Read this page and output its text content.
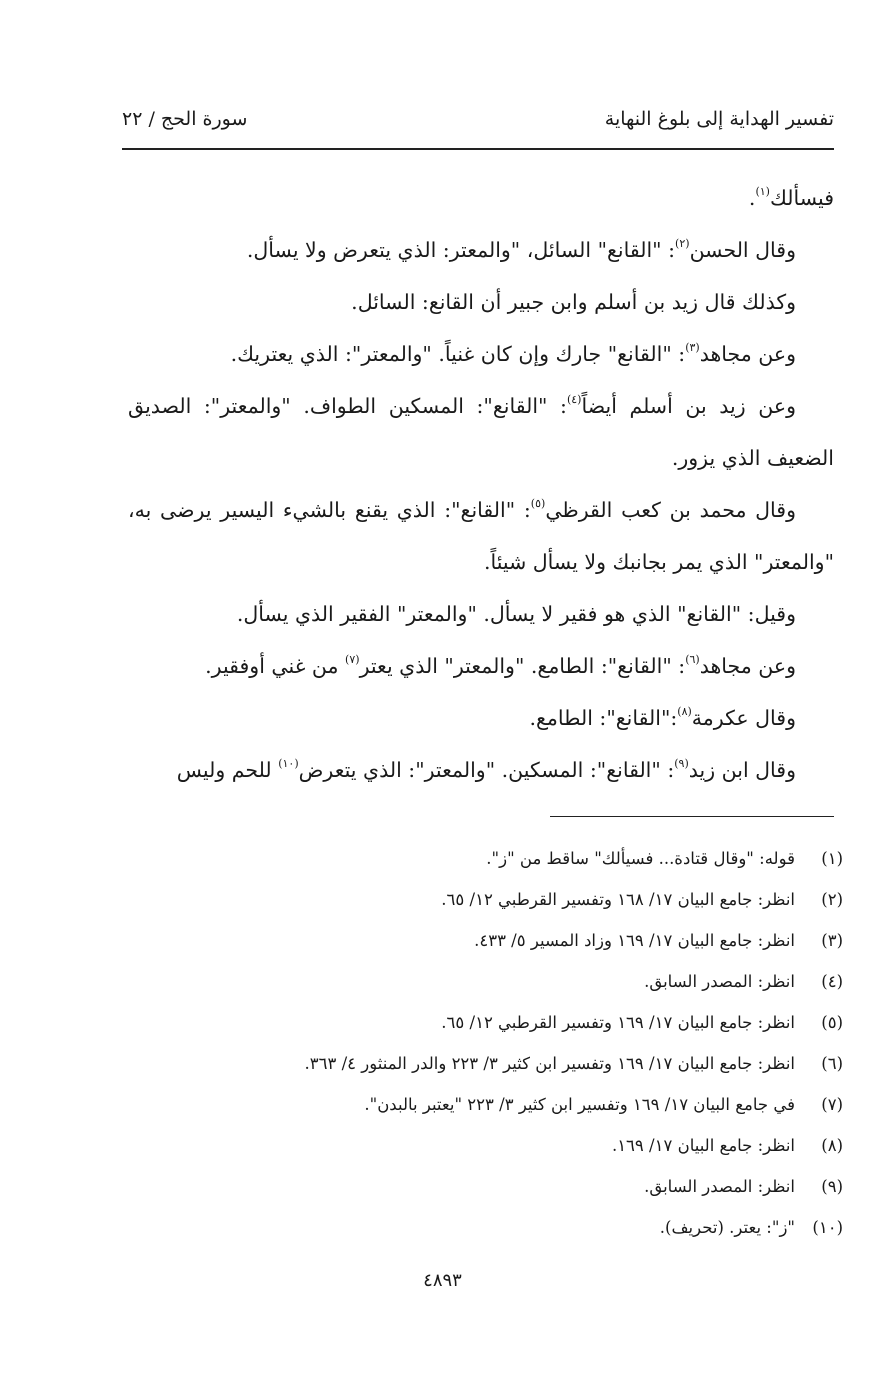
تفسير الهداية إلى بلوغ النهاية
سورة الحج / ٢٢

فيسألك$^{(١)}$.

وقال الحسن$^{(٢)}$: "القانع" السائل، "والمعتر: الذي يتعرض ولا يسأل.

وكذلك قال زيد بن أسلم وابن جبير أن القانع: السائل.

وعن مجاهد$^{(٣)}$: "القانع" جارك وإن كان غنياً. "والمعتر": الذي يعتريك.

وعن زيد بن أسلم أيضاً$^{(٤)}$: "القانع": المسكين الطواف. "والمعتر": الصديق الضعيف الذي يزور.

وقال محمد بن كعب القرظي$^{(٥)}$: "القانع": الذي يقنع بالشيء اليسير يرضى به، "والمعتر" الذي يمر بجانبك ولا يسأل شيئاً.

وقيل: "القانع" الذي هو فقير لا يسأل. "والمعتر" الفقير الذي يسأل.

وعن مجاهد$^{(٦)}$: "القانع": الطامع. "والمعتر" الذي يعتر$^{(٧)}$ من غني أوفقير.

وقال عكرمة$^{(٨)}$:"القانع": الطامع.

وقال ابن زيد$^{(٩)}$: "القانع": المسكين. "والمعتر": الذي يتعرض$^{(١٠)}$ للحم وليس

(١)
قوله: "وقال قتادة... فسيألك" ساقط من "ز".
(٢)
انظر: جامع البيان ١٧/ ١٦٨ وتفسير القرطبي ١٢/ ٦٥.
(٣)
انظر: جامع البيان ١٧/ ١٦٩ وزاد المسير ٥/ ٤٣٣.
(٤)
انظر: المصدر السابق.
(٥)
انظر: جامع البيان ١٧/ ١٦٩ وتفسير القرطبي ١٢/ ٦٥.
(٦)
انظر: جامع البيان ١٧/ ١٦٩ وتفسير ابن كثير ٣/ ٢٢٣ والدر المنثور ٤/ ٣٦٣.
(٧)
في جامع البيان ١٧/ ١٦٩ وتفسير ابن كثير ٣/ ٢٢٣ "يعتبر بالبدن".
(٨)
انظر: جامع البيان ١٧/ ١٦٩.
(٩)
انظر: المصدر السابق.
(١٠)
"ز": يعتر. (تحريف).
٤٨٩٣
